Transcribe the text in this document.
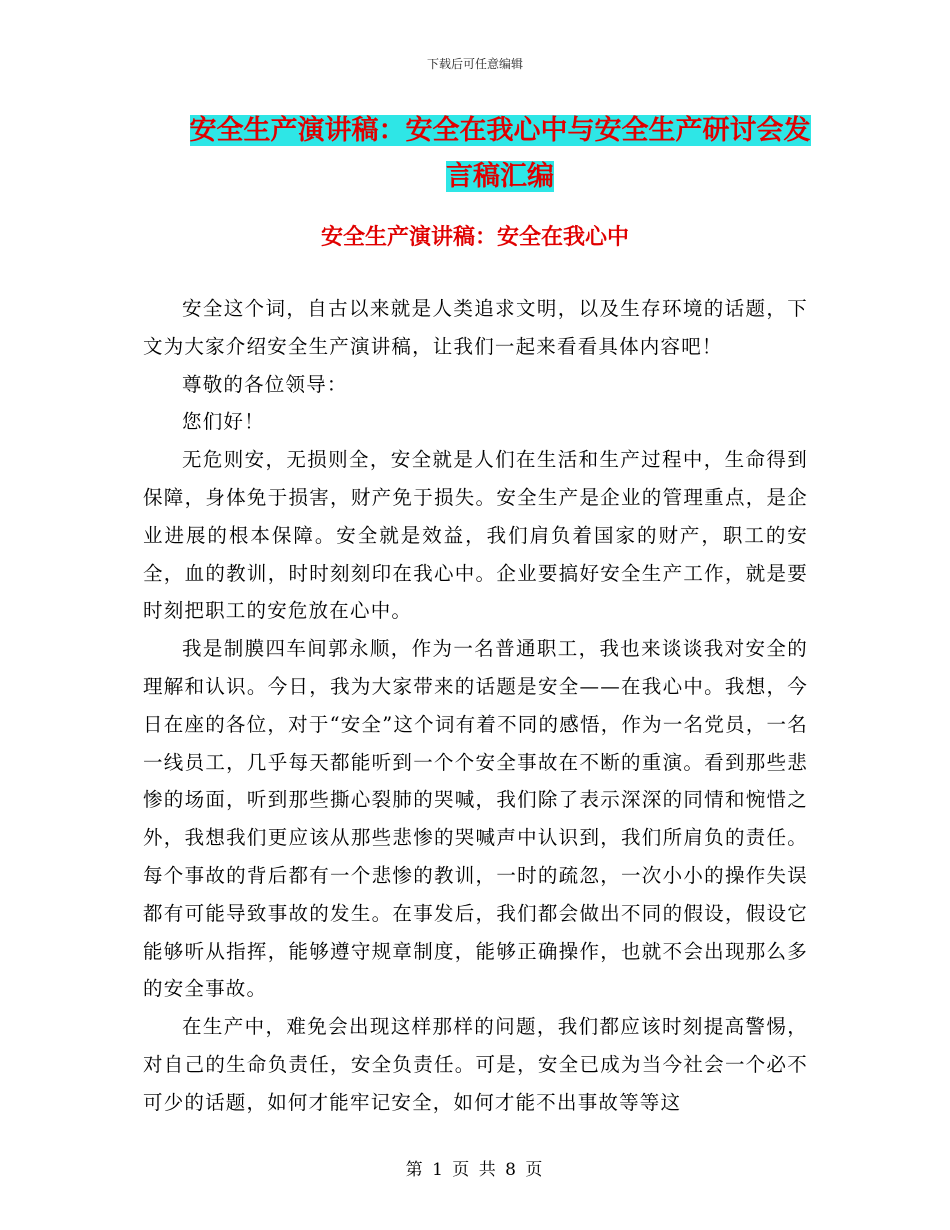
下载后可任意编辑
安全生产演讲稿：安全在我心中与安全生产研讨会发
言稿汇编
安全生产演讲稿：安全在我心中

安全这个词，自古以来就是人类追求文明，以及生存环境的话题，下文为大家介绍安全生产演讲稿，让我们一起来看看具体内容吧！

尊敬的各位领导：

您们好！

无危则安，无损则全，安全就是人们在生活和生产过程中，生命得到保障，身体免于损害，财产免于损失。安全生产是企业的管理重点，是企业进展的根本保障。安全就是效益，我们肩负着国家的财产，职工的安全，血的教训，时时刻刻印在我心中。企业要搞好安全生产工作，就是要时刻把职工的安危放在心中。

我是制膜四车间郭永顺，作为一名普通职工，我也来谈谈我对安全的理解和认识。今日，我为大家带来的话题是安全——在我心中。我想，今日在座的各位，对于“安全”这个词有着不同的感悟，作为一名党员，一名一线员工，几乎每天都能听到一个个安全事故在不断的重演。看到那些悲惨的场面，听到那些撕心裂肺的哭喊，我们除了表示深深的同情和惋惜之外，我想我们更应该从那些悲惨的哭喊声中认识到，我们所肩负的责任。每个事故的背后都有一个悲惨的教训，一时的疏忽，一次小小的操作失误都有可能导致事故的发生。在事发后，我们都会做出不同的假设，假设它能够听从指挥，能够遵守规章制度，能够正确操作，也就不会出现那么多的安全事故。

在生产中，难免会出现这样那样的问题，我们都应该时刻提高警惕，对自己的生命负责任，安全负责任。可是，安全已成为当今社会一个必不可少的话题，如何才能牢记安全，如何才能不出事故等等这

第 1 页 共 8 页
